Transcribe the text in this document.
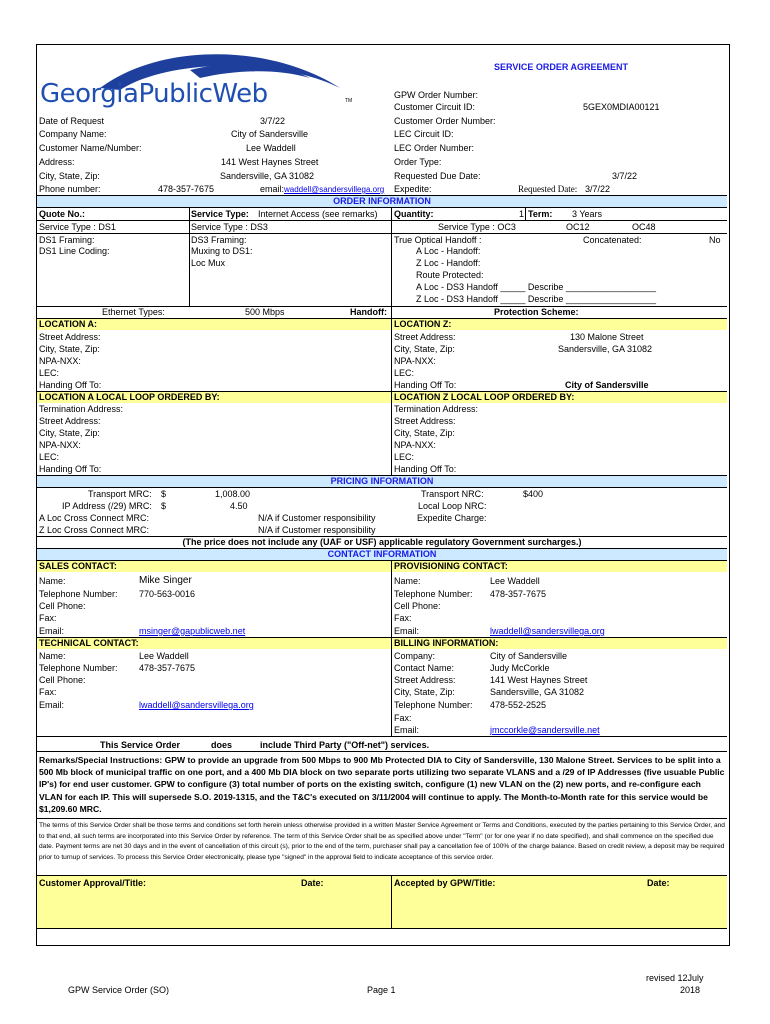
SERVICE ORDER AGREEMENT
GeorgiaPublicWeb	TM
GPW Order Number:
Customer Circuit ID:	5GEX0MDIA00121
Customer Order Number:
LEC Circuit ID:
LEC Order Number:
Order Type:
Requested Due Date:	3/7/22
Expedite:	Requested Date: 3/7/22
Date of Request	3/7/22
Company Name:	City of Sandersville
Customer Name/Number:	Lee Waddell
Address:	141 West Haynes Street
City, State, Zip:	Sandersville, GA 31082
Phone number:	478-357-7675	email: waddell@sandersvillega.org
ORDER INFORMATION
Quote No.:	Service Type: Internet Access (see remarks) Quantity:	1 Term: 3 Years
Service Type : DS1	Service Type : DS3	Service Type : OC3	OC12	OC48
DS1 Framing:
DS1 Line Coding:
DS3 Framing:
Muxing to DS1:
Loc Mux
True Optical Handoff :	Concatenated:	No
A Loc - Handoff:
Z Loc - Handoff:
Route Protected:
A Loc - DS3 Handoff _____ Describe __________________
Z Loc - DS3 Handoff _____ Describe __________________
Ethernet Types:	500 Mbps	Handoff:	Protection Scheme:
LOCATION A:	LOCATION Z:
Street Address:
City, State, Zip:
NPA-NXX:
LEC:
Handing Off To:
Street Address:	130 Malone Street
City, State, Zip:	Sandersville, GA 31082
NPA-NXX:
LEC:
Handing Off To:	City of Sandersville
LOCATION A LOCAL LOOP ORDERED BY:	LOCATION Z LOCAL LOOP ORDERED BY:
Termination Address:
Street Address:
City, State, Zip:
NPA-NXX:
LEC:
Handing Off To:
Termination Address:
Street Address:
City, State, Zip:
NPA-NXX:
LEC:
Handing Off To:
PRICING INFORMATION
Transport MRC: $	1,008.00
IP Address (/29) MRC: $	4.50
A Loc Cross Connect MRC:	N/A if Customer responsibility
Z Loc Cross Connect MRC:	N/A if Customer responsibility
Transport NRC:	$400
Local Loop NRC:
Expedite Charge:
(The price does not include any (UAF or USF) applicable regulatory Government surcharges.)
CONTACT INFORMATION
SALES CONTACT:	PROVISIONING CONTACT:
Name:	Mike Singer
Telephone Number: 770-563-0016
Cell Phone:
Fax:
Email:	msinger@gapublicweb.net
Name:	Lee Waddell
Telephone Number: 478-357-7675
Cell Phone:
Fax:
Email:	lwaddell@sandersvillega.org
TECHNICAL CONTACT:	BILLING INFORMATION:
Name:	Lee Waddell
Telephone Number: 478-357-7675
Cell Phone:
Fax:
Email:	lwaddell@sandersvillega.org
Company:	City of Sandersville
Contact Name:	Judy McCorkle
Street Address:	141 West Haynes Street
City, State, Zip:	Sandersville, GA 31082
Telephone Number: 478-552-2525
Fax:
Email:	jmccorkle@sandersville.net
This Service Order	does	include Third Party ("Off-net") services.
Remarks/Special Instructions: GPW to provide an upgrade from 500 Mbps to 900 Mb Protected DIA to City of Sandersville, 130 Malone Street. Services to be split into a 500 Mb block of municipal traffic on one port, and a 400 Mb DIA block on two separate ports utilizing two separate VLANS and a /29 of IP Addresses (five usuable Public IP's) for end user customer. GPW to configure (3) total number of ports on the existing switch, configure (1) new VLAN on the (2) new ports, and re-configure each VLAN for each IP. This will supersede S.O. 2019-1315, and the T&C's executed on 3/11/2004 will continue to apply. The Month-to-Month rate for this service would be $1,209.60 MRC.
The terms of this Service Order shall be those terms and conditions set forth herein unless otherwise provided in a written Master Service Agreement or Terms and Conditions, executed by the parties pertaining to this Service Order, and to that end, all such terms are incorporated into this Service Order by reference. The term of this Service Order shall be as specified above under "Term" (or for one year if no date specified), and shall commence on the specified due date. Payment terms are net 30 days and in the event of cancellation of this circuit (s), prior to the end of the term, purchaser shall pay a cancellation fee of 100% of the charge balance. Based on credit review, a deposit may be required prior to turnup of services. To process this Service Order electronically, please type "signed" in the approval field to indicate acceptance of this service order.
Customer Approval/Title:	Date:	Accepted by GPW/Title:	Date:
GPW Service Order (SO)	Page 1
revised 12July
2018
